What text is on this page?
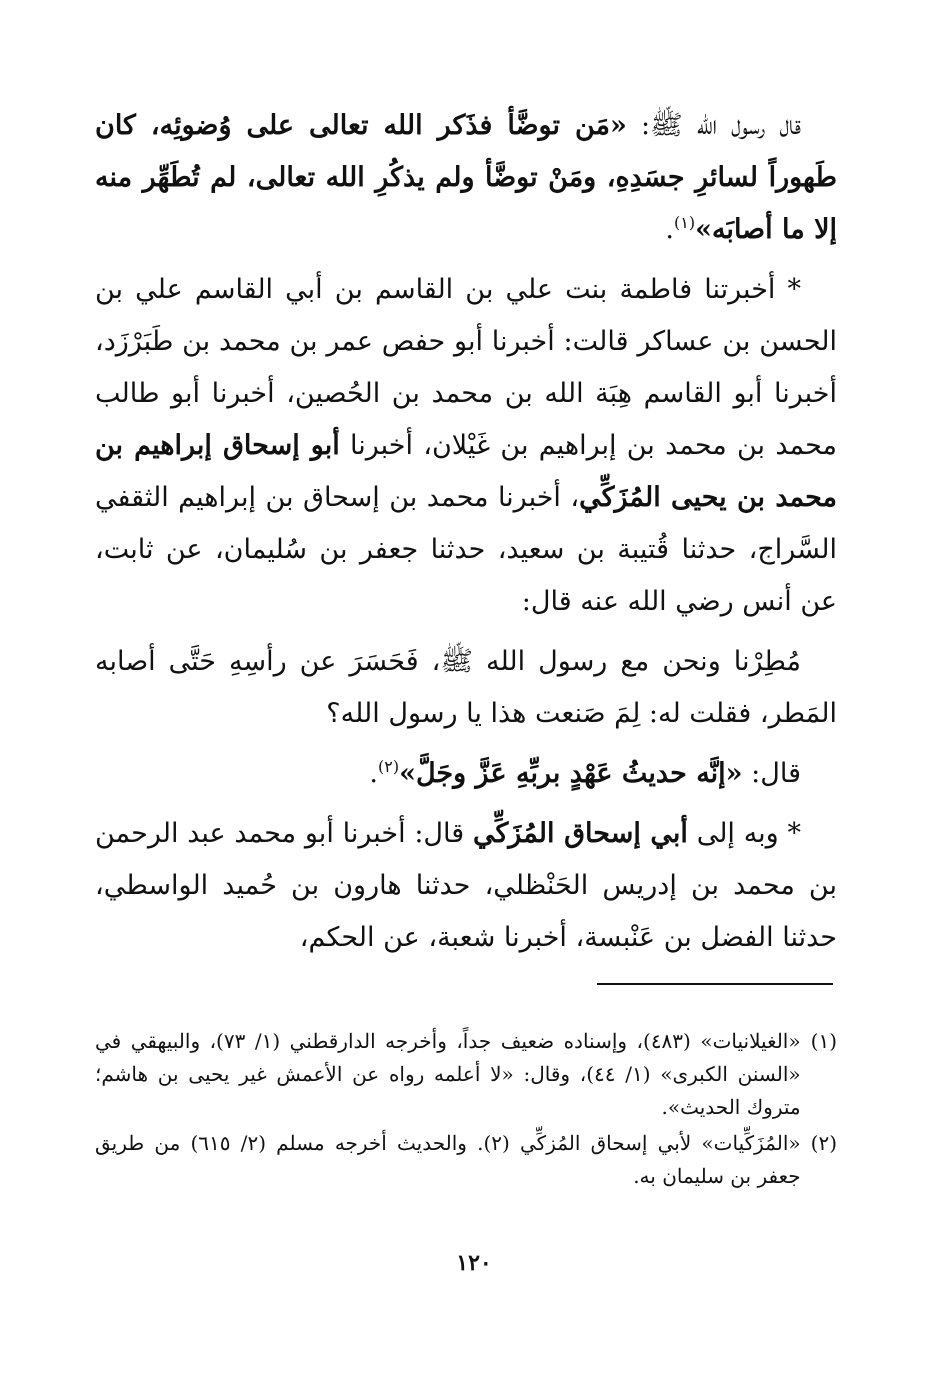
قال رسول الله ﷺ: «مَن توضَّأ فذَكر الله تعالى على وُضوئِه، كان طَهوراً لسائرِ جسَدِهِ، ومَنْ توضَّأ ولم يذكُرِ الله تعالى، لم تُطَهِّر منه إلا ما أصابَه»$^{(١)}$.

* أخبرتنا فاطمة بنت علي بن القاسم بن أبي القاسم علي بن الحسن بن عساكر قالت: أخبرنا أبو حفص عمر بن محمد بن طَبَرْزَد، أخبرنا أبو القاسم هِبَة الله بن محمد بن الحُصين، أخبرنا أبو طالب محمد بن محمد بن إبراهيم بن غَيْلان، أخبرنا أبو إسحاق إبراهيم بن محمد بن يحيى المُزَكِّي، أخبرنا محمد بن إسحاق بن إبراهيم الثقفي السَّراج، حدثنا قُتيبة بن سعيد، حدثنا جعفر بن سُليمان، عن ثابت، عن أنس رضي الله عنه قال:

مُطِرْنا ونحن مع رسول الله ﷺ، فَحَسَرَ عن رأسِهِ حَتَّى أصابه المَطر، فقلت له: لِمَ صَنعت هذا يا رسول الله؟

قال: «إنَّه حديثُ عَهْدٍ بربِّهِ عَزَّ وجَلَّ»$^{(٢)}$.

* وبه إلى أبي إسحاق المُزَكِّي قال: أخبرنا أبو محمد عبد الرحمن بن محمد بن إدريس الحَنْظلي، حدثنا هارون بن حُميد الواسطي، حدثنا الفضل بن عَنْبسة، أخبرنا شعبة، عن الحكم،

(١)
«الغيلانيات» (٤٨٣)، وإسناده ضعيف جداً، وأخرجه الدارقطني (١/ ٧٣)، والبيهقي في «السنن الكبرى» (١/ ٤٤)، وقال: «لا أعلمه رواه عن الأعمش غير يحيى بن هاشم؛ متروك الحديث».
(٢)
«المُزَكِّيات» لأبي إسحاق المُزكِّي (٢). والحديث أخرجه مسلم (٢/ ٦١٥) من طريق جعفر بن سليمان به.
١٢٠
